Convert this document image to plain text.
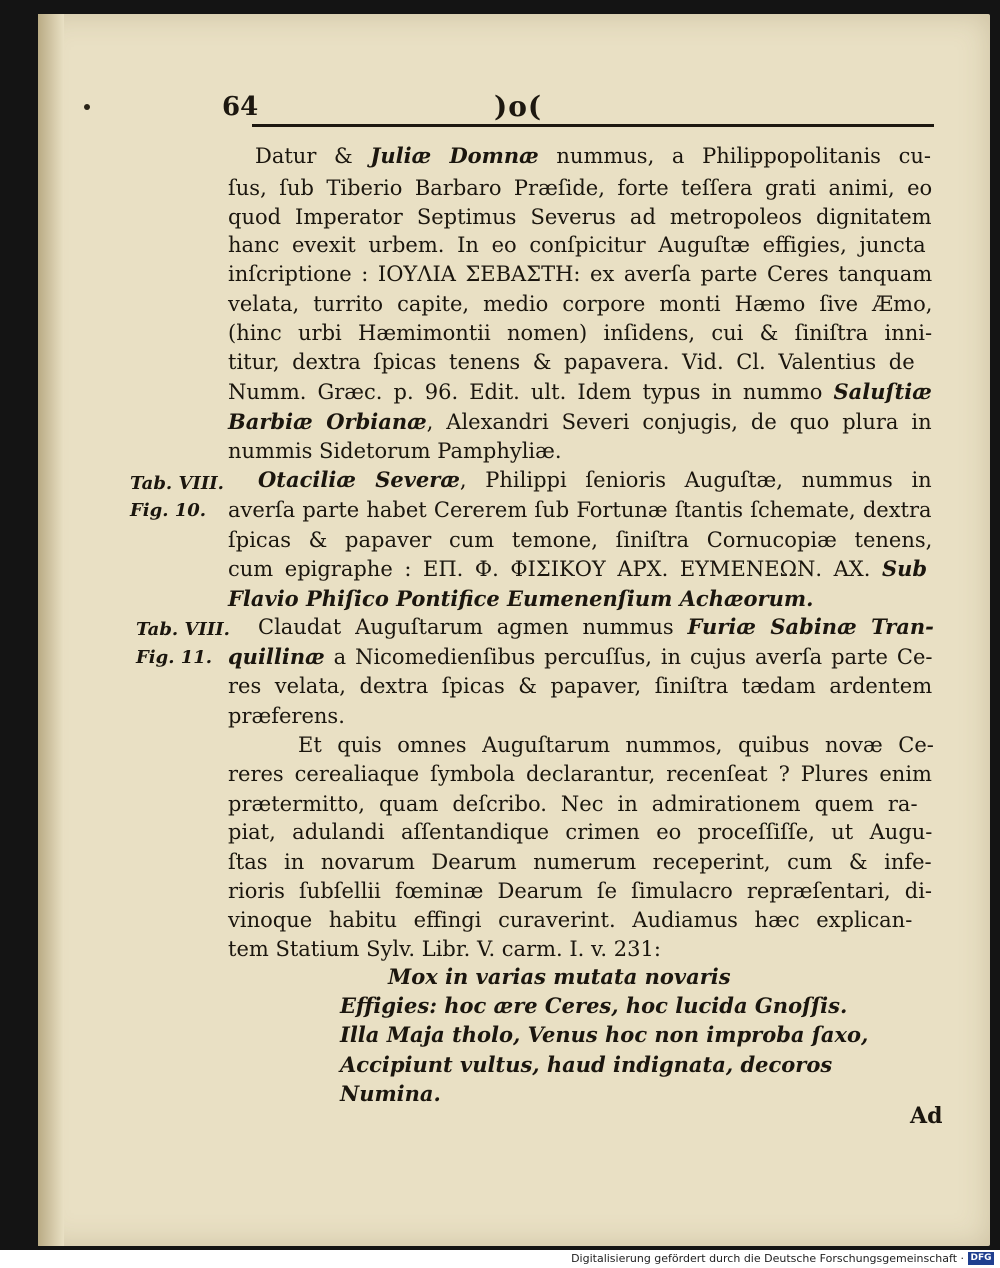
64	)o(
Datur & Juliæ Domnæ nummus, a Philippopolitanis cu-
ſus, ſub Tiberio Barbaro Præſide, forte teſſera grati animi, eo
quod Imperator Septimus Severus ad metropoleos dignitatem
hanc evexit urbem. In eo conſpicitur Auguſtæ effigies, juncta
inſcriptione : ΙΟΥΛΙΑ ΣΕΒΑΣΤΗ: ex averſa parte Ceres tanquam
velata, turrito capite, medio corpore monti Hæmo ſive Æmo,
(hinc urbi Hæmimontii nomen) inſidens, cui & ſiniſtra inni-
titur, dextra ſpicas tenens & papavera. Vid. Cl. Valentius de
Numm. Græc. p. 96. Edit. ult. Idem typus in nummo Saluſtiæ
Barbiæ Orbianæ, Alexandri Severi conjugis, de quo plura in
nummis Sidetorum Pamphyliæ.
Otaciliæ Severæ, Philippi ſenioris Auguſtæ, nummus in
averſa parte habet Cererem ſub Fortunæ ſtantis ſchemate, dextra
ſpicas & papaver cum temone, ſiniſtra Cornucopiæ tenens,
cum epigraphe : ΕΠ. Φ. ΦΙΣΙΚΟΥ ΑΡΧ. ΕΥΜΕΝΕΩΝ. ΑΧ. Sub
Flavio Phiſico Pontifice Eumenenſium Achæorum.
Claudat Auguſtarum agmen nummus Furiæ Sabinæ Tran-
quillinæ a Nicomedienſibus percuſſus, in cujus averſa parte Ce-
res velata, dextra ſpicas & papaver, ſiniſtra tædam ardentem
præferens.
Et quis omnes Auguſtarum nummos, quibus novæ Ce-
reres cerealiaque ſymbola declarantur, recenſeat ? Plures enim
prætermitto, quam deſcribo. Nec in admirationem quem ra-
piat, adulandi aſſentandique crimen eo proceſſiſſe, ut Augu-
ſtas in novarum Dearum numerum receperint, cum & infe-
rioris ſubſellii fœminæ Dearum ſe ſimulacro repræſentari, di-
vinoque habitu effingi curaverint. Audiamus hæc explican-
tem Statium Sylv. Libr. V. carm. I. v. 231:
Mox in varias mutata novaris
Effigies: hoc ære Ceres, hoc lucida Gnoſſis.
Illa Maja tholo, Venus hoc non improba ſaxo,
Accipiunt vultus, haud indignata, decoros
Numina.
Tab. VIII.
Fig. 10.
Tab. VIII.
Fig. 11.
Ad
Digitalisierung gefördert durch die Deutsche Forschungsgemeinschaft · DFG
